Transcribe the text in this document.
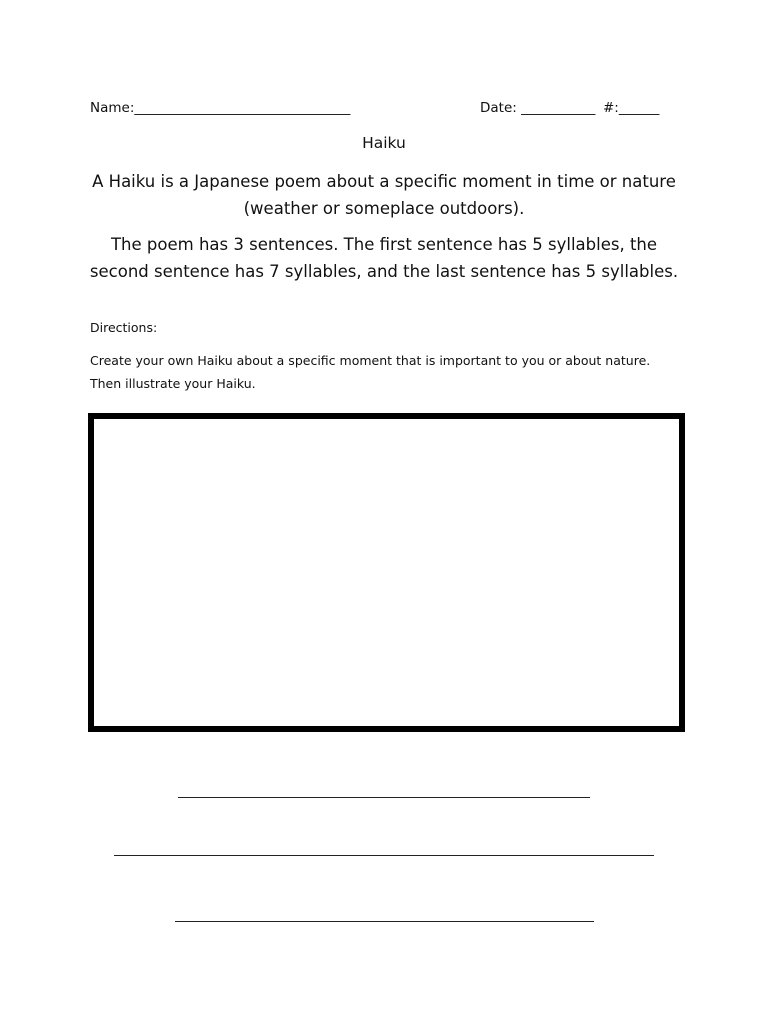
Name:________________________________	Date: ___________ #:______
Haiku

A Haiku is a Japanese poem about a specific moment in time or nature (weather or someplace outdoors).

The poem has 3 sentences. The first sentence has 5 syllables, the second sentence has 7 syllables, and the last sentence has 5 syllables.

Directions:
Create your own Haiku about a specific moment that is important to you or about nature. Then illustrate your Haiku.
